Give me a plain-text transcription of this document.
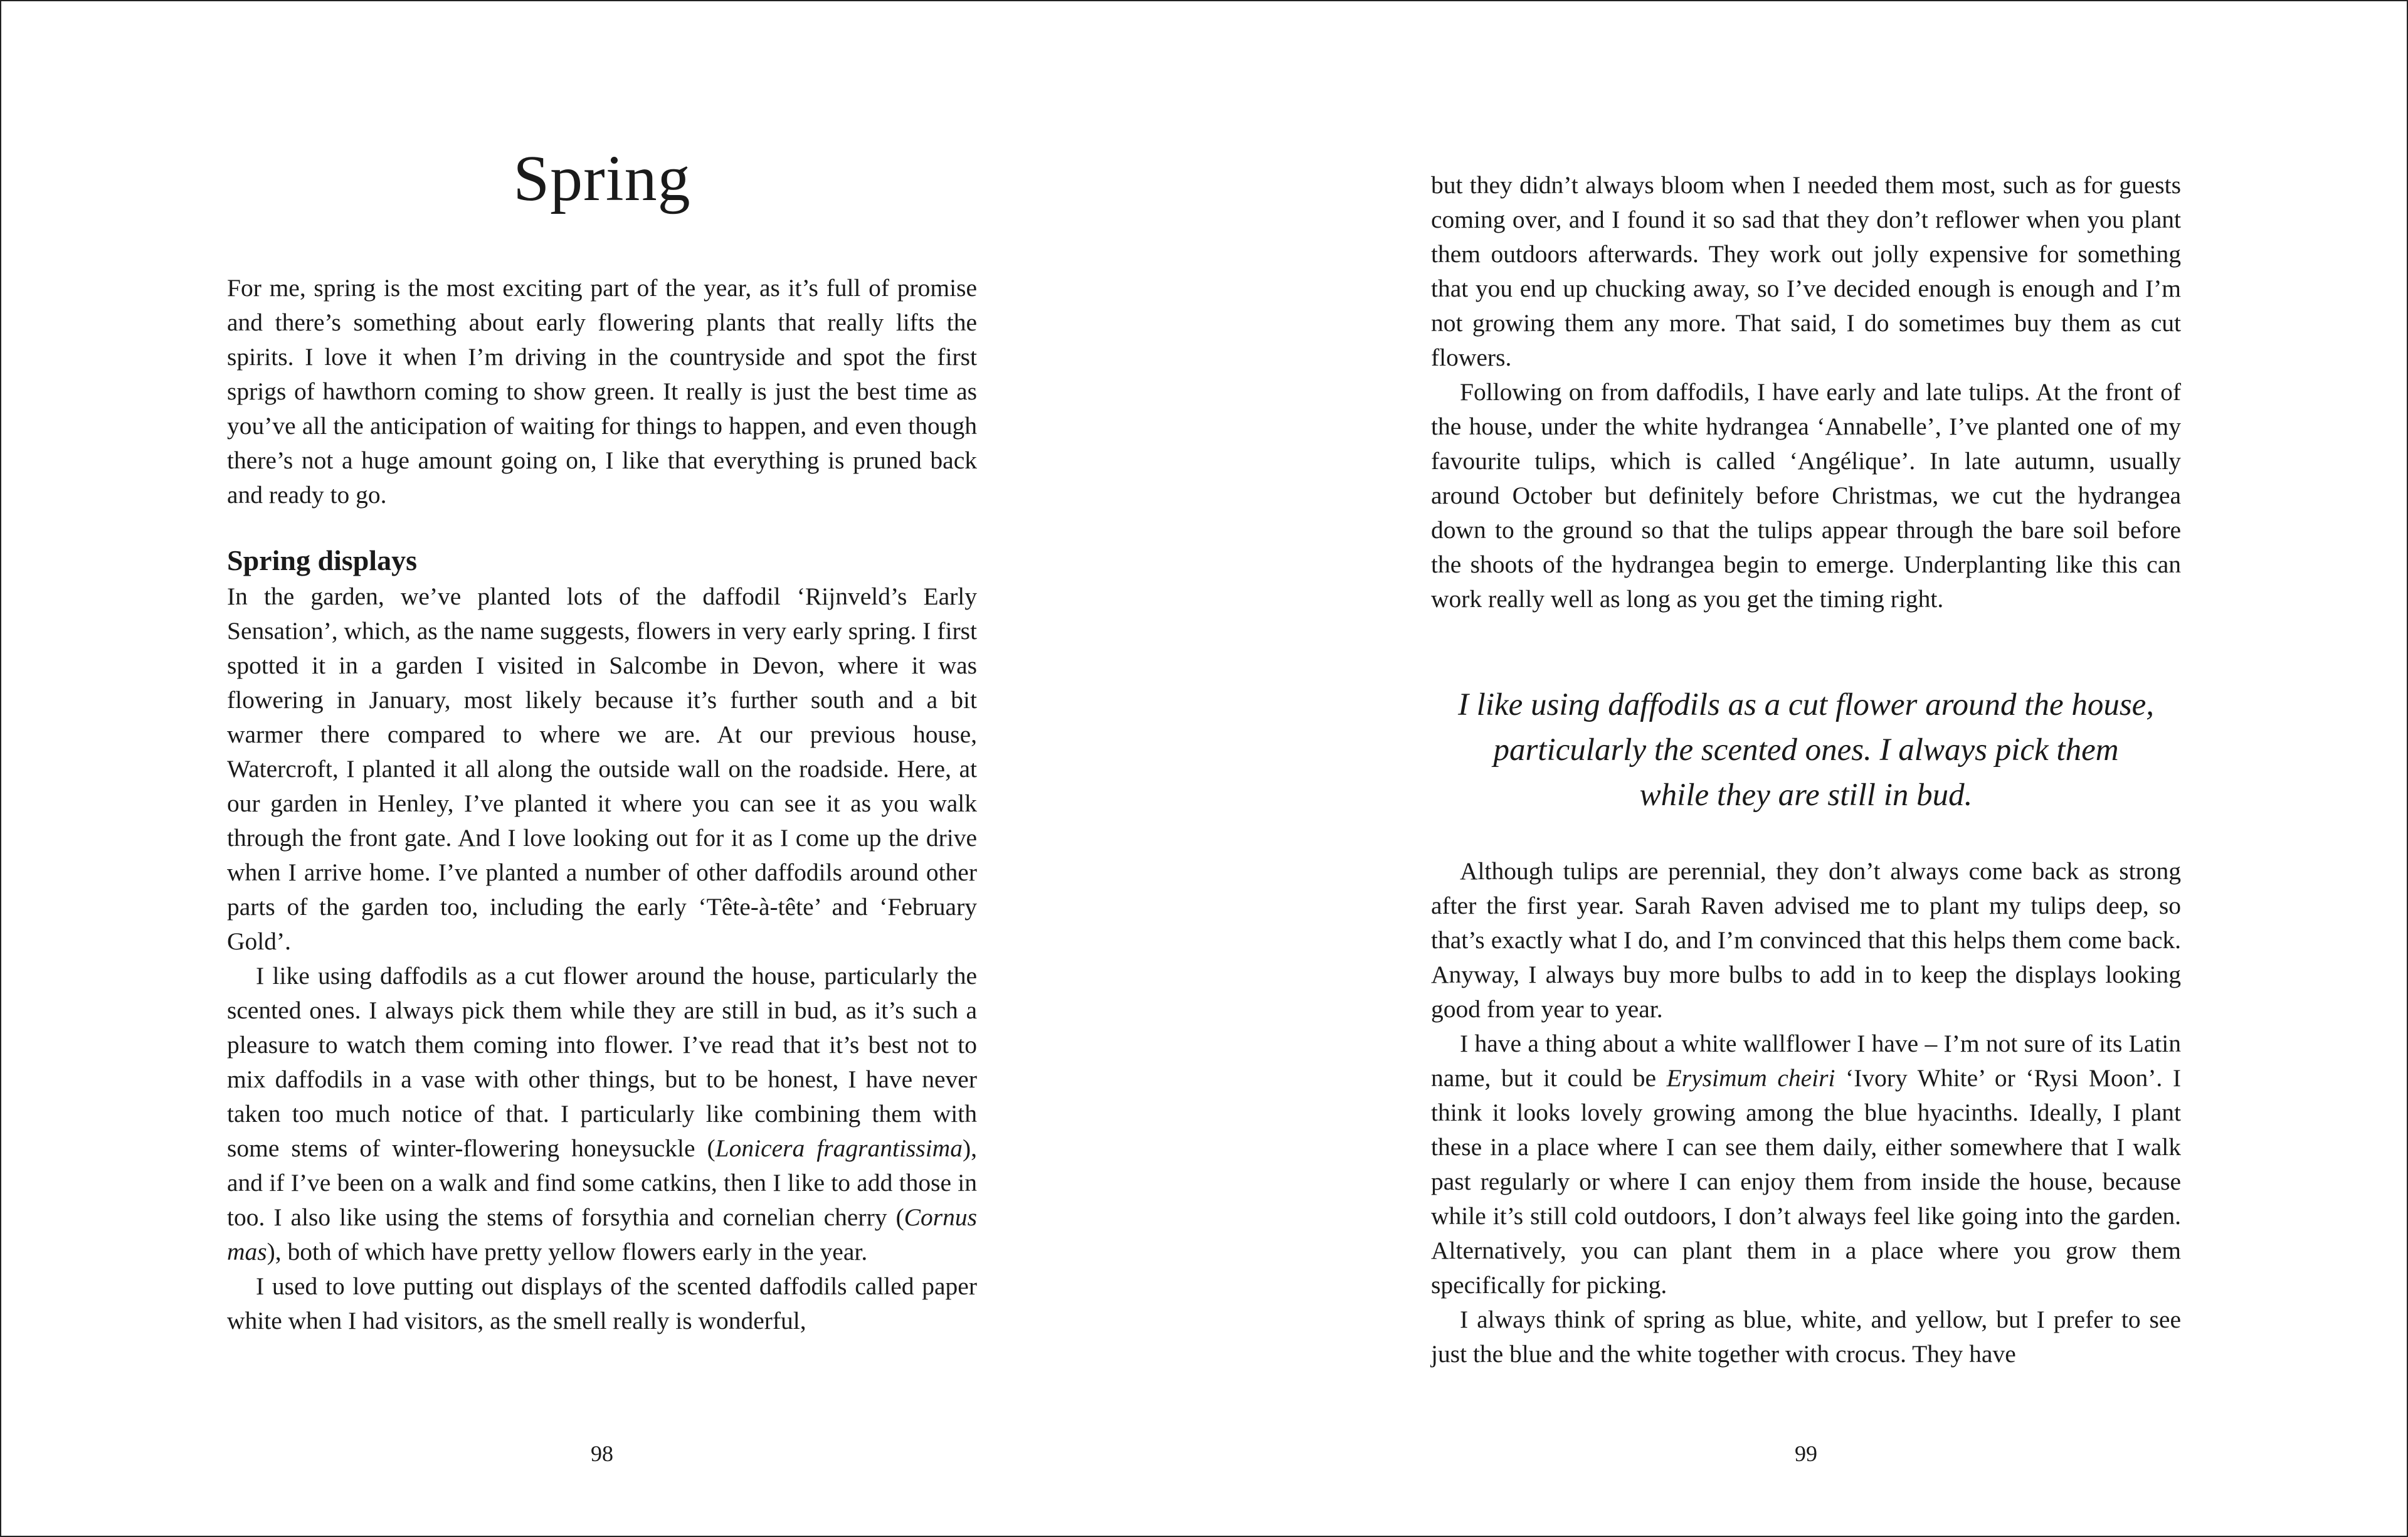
Spring

For me, spring is the most exciting part of the year, as it’s full of promise and there’s something about early flowering plants that really lifts the spirits. I love it when I’m driving in the countryside and spot the first sprigs of hawthorn coming to show green. It really is just the best time as you’ve all the anticipation of waiting for things to happen, and even though there’s not a huge amount going on, I like that everything is pruned back and ready to go.

Spring displays

In the garden, we’ve planted lots of the daffodil ‘Rijnveld’s Early Sensation’, which, as the name suggests, flowers in very early spring. I first spotted it in a garden I visited in Salcombe in Devon, where it was flowering in January, most likely because it’s further south and a bit warmer there compared to where we are. At our previous house, Watercroft, I planted it all along the outside wall on the roadside. Here, at our garden in Henley, I’ve planted it where you can see it as you walk through the front gate. And I love looking out for it as I come up the drive when I arrive home. I’ve planted a number of other daffodils around other parts of the garden too, including the early ‘Tête-à-tête’ and ‘February Gold’.

I like using daffodils as a cut flower around the house, particularly the scented ones. I always pick them while they are still in bud, as it’s such a pleasure to watch them coming into flower. I’ve read that it’s best not to mix daffodils in a vase with other things, but to be honest, I have never taken too much notice of that. I particularly like combining them with some stems of winter-flowering honeysuckle (Lonicera fragrantissima), and if I’ve been on a walk and find some catkins, then I like to add those in too. I also like using the stems of forsythia and cornelian cherry (Cornus mas), both of which have pretty yellow flowers early in the year.

I used to love putting out displays of the scented daffodils called paper white when I had visitors, as the smell really is wonderful,

98

but they didn’t always bloom when I needed them most, such as for guests coming over, and I found it so sad that they don’t reflower when you plant them outdoors afterwards. They work out jolly expensive for something that you end up chucking away, so I’ve decided enough is enough and I’m not growing them any more. That said, I do sometimes buy them as cut flowers.

Following on from daffodils, I have early and late tulips. At the front of the house, under the white hydrangea ‘Annabelle’, I’ve planted one of my favourite tulips, which is called ‘Angélique’. In late autumn, usually around October but definitely before Christmas, we cut the hydrangea down to the ground so that the tulips appear through the bare soil before the shoots of the hydrangea begin to emerge. Underplanting like this can work really well as long as you get the timing right.

I like using daffodils as a cut flower around the house, particularly the scented ones. I always pick them while they are still in bud.

Although tulips are perennial, they don’t always come back as strong after the first year. Sarah Raven advised me to plant my tulips deep, so that’s exactly what I do, and I’m convinced that this helps them come back. Anyway, I always buy more bulbs to add in to keep the displays looking good from year to year.

I have a thing about a white wallflower I have – I’m not sure of its Latin name, but it could be Erysimum cheiri ‘Ivory White’ or ‘Rysi Moon’. I think it looks lovely growing among the blue hyacinths. Ideally, I plant these in a place where I can see them daily, either somewhere that I walk past regularly or where I can enjoy them from inside the house, because while it’s still cold outdoors, I don’t always feel like going into the garden. Alternatively, you can plant them in a place where you grow them specifically for picking.

I always think of spring as blue, white, and yellow, but I prefer to see just the blue and the white together with crocus. They have

99
